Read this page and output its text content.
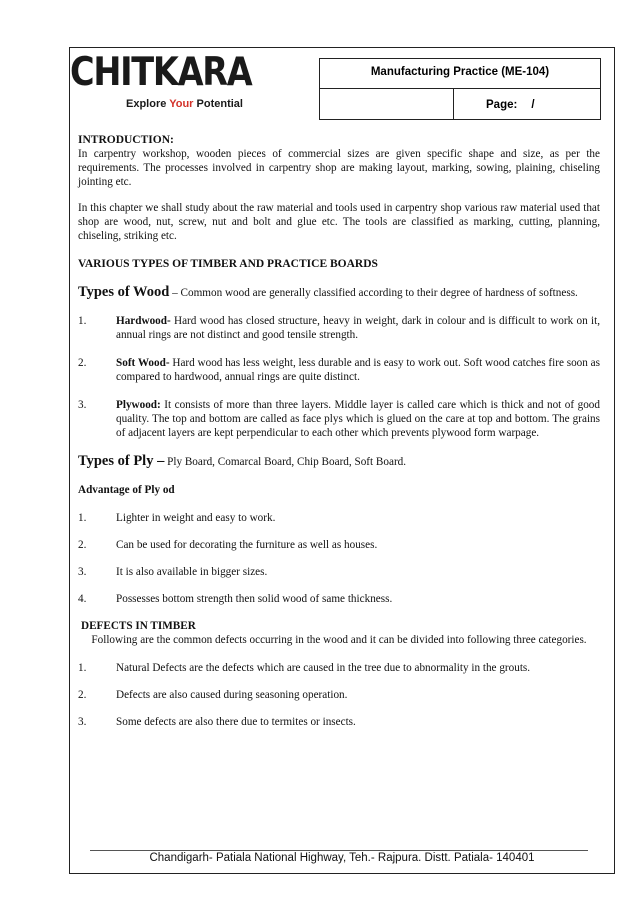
CHITKARA
Explore Your Potential
Manufacturing Practice (ME-104)
Page: /

INTRODUCTION:

In carpentry workshop, wooden pieces of commercial sizes are given specific shape and size, as per the requirements. The processes involved in carpentry shop are making layout, marking, sowing, plaining, chiseling jointing etc.

In this chapter we shall study about the raw material and tools used in carpentry shop various raw material used that shop are wood, nut, screw, nut and bolt and glue etc. The tools are classified as marking, cutting, planning, chiseling, striking etc.

VARIOUS TYPES OF TIMBER AND PRACTICE BOARDS

Types of Wood – Common wood are generally classified according to their degree of hardness of softness.

1.	Hardwood- Hard wood has closed structure, heavy in weight, dark in colour and is difficult to work on it, annual rings are not distinct and good tensile strength.
2.	Soft Wood- Hard wood has less weight, less durable and is easy to work out. Soft wood catches fire soon as compared to hardwood, annual rings are quite distinct.
3.	Plywood: It consists of more than three layers. Middle layer is called care which is thick and not of good quality. The top and bottom are called as face plys which is glued on the care at top and bottom. The grains of adjacent layers are kept perpendicular to each other which prevents plywood form warpage.

Types of Ply – Ply Board, Comarcal Board, Chip Board, Soft Board.

Advantage of Ply od

1.	Lighter in weight and easy to work.
2.	Can be used for decorating the furniture as well as houses.
3.	It is also available in bigger sizes.
4.	Possesses bottom strength then solid wood of same thickness.

DEFECTS IN TIMBER

Following are the common defects occurring in the wood and it can be divided into following three categories.

1.	Natural Defects are the defects which are caused in the tree due to abnormality in the grouts.
2.	Defects are also caused during seasoning operation.
3.	Some defects are also there due to termites or insects.
Chandigarh- Patiala National Highway, Teh.- Rajpura. Distt. Patiala- 140401
